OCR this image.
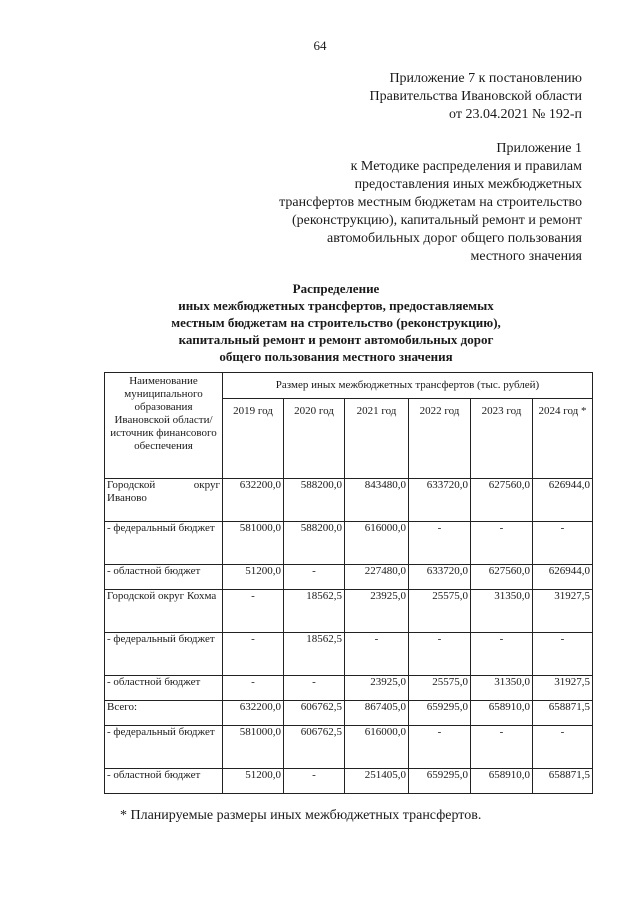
64
Приложение 7 к постановлению
Правительства Ивановской области
от 23.04.2021 № 192-п
Приложение 1
к Методике распределения и правилам
предоставления иных межбюджетных
трансфертов местным бюджетам на строительство
(реконструкцию), капитальный ремонт и ремонт
автомобильных дорог общего пользования
местного значения
Распределение
иных межбюджетных трансфертов, предоставляемых
местным бюджетам на строительство (реконструкцию),
капитальный ремонт и ремонт автомобильных дорог
общего пользования местного значения
Наименование муниципального образования Ивановской области/источник финансового обеспечения	Размер иных межбюджетных трансфертов (тыс. рублей)					
	2019 год	2020 год	2021 год	2022 год	2023 год	2024 год *
Городской округ Иваново	632200,0	588200,0	843480,0	633720,0	627560,0	626944,0
- федеральный бюджет	581000,0	588200,0	616000,0	-	-	-
- областной бюджет	51200,0	-	227480,0	633720,0	627560,0	626944,0
Городской округ Кохма	-	18562,5	23925,0	25575,0	31350,0	31927,5
- федеральный бюджет	-	18562,5	-	-	-	-
- областной бюджет	-	-	23925,0	25575,0	31350,0	31927,5
Всего:	632200,0	606762,5	867405,0	659295,0	658910,0	658871,5
- федеральный бюджет	581000,0	606762,5	616000,0	-	-	-
- областной бюджет	51200,0	-	251405,0	659295,0	658910,0	658871,5
* Планируемые размеры иных межбюджетных трансфертов.
